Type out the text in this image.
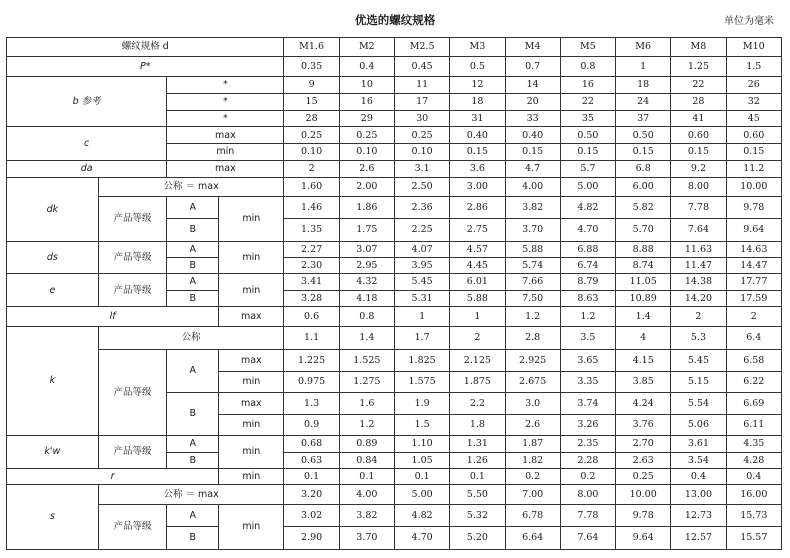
优选的螺纹规格	单位为毫米
螺纹规格 d				M1.6	M2	M2.5	M3	M4	M5	M6	M8	M10
P*				0.35	0.4	0.45	0.5	0.7	0.8	1	1.25	1.5
b 参考		*		9	10	11	12	14	16	18	22	26
		*		15	16	17	18	20	22	24	28	32
		*		28	29	30	31	33	35	37	41	45
c		max		0.25	0.25	0.25	0.40	0.40	0.50	0.50	0.60	0.60
		min		0.10	0.10	0.10	0.15	0.15	0.15	0.15	0.15	0.15
da		max		2	2.6	3.1	3.6	4.7	5.7	6.8	9.2	11.2
dk	公称 ＝ max			1.60	2.00	2.50	3.00	4.00	5.00	6.00	8.00	10.00
	产品等级	A	min	1.46	1.86	2.36	2.86	3.82	4.82	5.82	7.78	9.78
		B		1.35	1.75	2.25	2.75	3.70	4.70	5.70	7.64	9.64
ds	产品等级	A	min	2.27	3.07	4.07	4.57	5.88	6.88	8.88	11.63	14.63
		B		2.30	2.95	3.95	4.45	5.74	6.74	8.74	11.47	14.47
e	产品等级	A	min	3.41	4.32	5.45	6.01	7.66	8.79	11.05	14.38	17.77
		B		3.28	4.18	5.31	5.88	7.50	8.63	10.89	14.20	17.59
lf			max	0.6	0.8	1	1	1.2	1.2	1.4	2	2
k	公称			1.1	1.4	1.7	2	2.8	3.5	4	5.3	6.4
	产品等级	A	max	1.225	1.525	1.825	2.125	2.925	3.65	4.15	5.45	6.58
			min	0.975	1.275	1.575	1.875	2.675	3.35	3.85	5.15	6.22
		B	max	1.3	1.6	1.9	2.2	3.0	3.74	4.24	5.54	6.69
			min	0.9	1.2	1.5	1.8	2.6	3.26	3.76	5.06	6.11
k'w	产品等级	A	min	0.68	0.89	1.10	1.31	1.87	2.35	2.70	3.61	4.35
		B		0.63	0.84	1.05	1.26	1.82	2.28	2.63	3.54	4.28
r			min	0.1	0.1	0.1	0.1	0.2	0.2	0.25	0.4	0.4
s	公称 ＝ max			3.20	4.00	5.00	5.50	7.00	8.00	10.00	13.00	16.00
	产品等级	A	min	3.02	3.82	4.82	5.32	6.78	7.78	9.78	12.73	15.73
		B		2.90	3.70	4.70	5.20	6.64	7.64	9.64	12.57	15.57
